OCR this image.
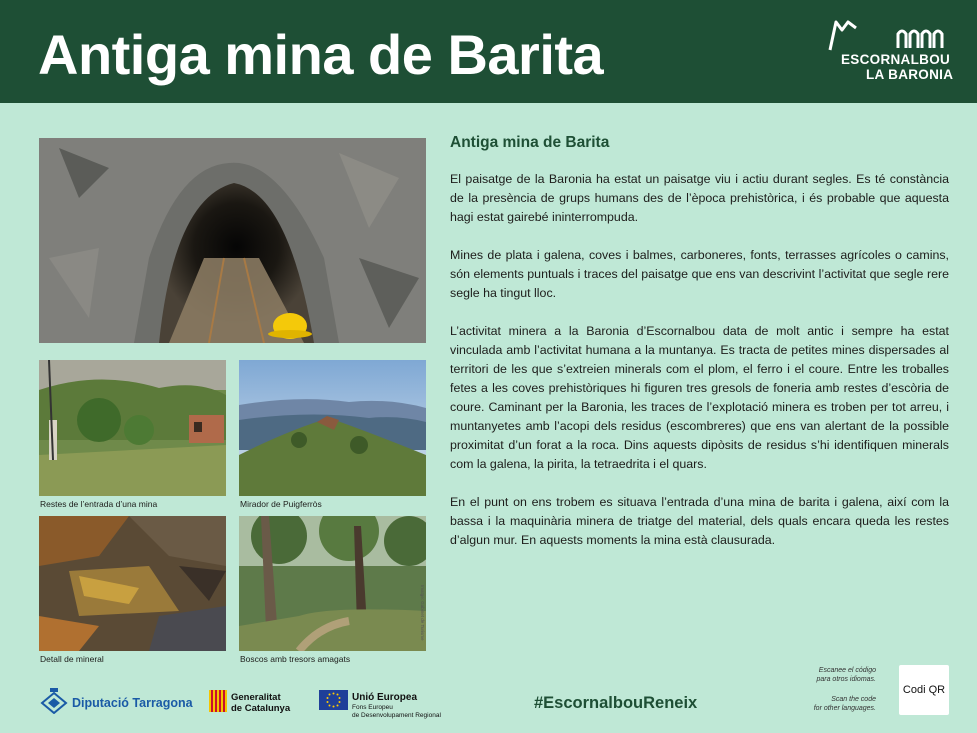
Antiga mina de Barita	ESCORNALBOU
LA BARONIA
Restes de l’entrada d’una mina	Mirador de Puigferròs
Detall de mineral	Boscos amb tresors amagats
Imatge: Gabinet de Turisme
Antiga mina de Barita

El paisatge de la Baronia ha estat un paisatge viu i actiu durant segles. Es té constància de la presència de grups humans des de l’època prehistòrica, i és probable que aquesta hagi estat gairebé ininterrompuda.

Mines de plata i galena, coves i balmes, carboneres, fonts, terrasses agrícoles o camins, són elements puntuals i traces del paisatge que ens van descrivint l’activitat que segle rere segle ha tingut lloc.

L’activitat minera a la Baronia d’Escornalbou data de molt antic i sempre ha estat vinculada amb l’activitat humana a la muntanya. Es tracta de petites mines dispersades al territori de les que s’extreien minerals com el plom, el ferro i el coure. Entre les troballes fetes a les coves prehistòriques hi figuren tres gresols de foneria amb restes d’escòria de coure. Caminant per la Baronia, les traces de l’explotació minera es troben per tot arreu, i muntanyetes amb l’acopi dels residus (escombreres) que ens van alertant de la possible proximitat d’un forat a la roca. Dins aquests dipòsits de residus s’hi identifiquen minerals com la galena, la pirita, la tetraedrita i el quars.

En el punt on ens trobem es situava l’entrada d’una mina de barita i galena, així com la bassa i la maquinària minera de triatge del material, dels quals encara queda les restes d’algun mur. En aquests moments la mina està clausurada.

Diputació Tarragona	Generalitat
de Catalunya
Unió Europea
Fons Europeu
de Desenvolupament Regional
#EscornalbouReneix
Escanee el código
para otros idiomas.
Scan the code
for other languages.
Codi QR
